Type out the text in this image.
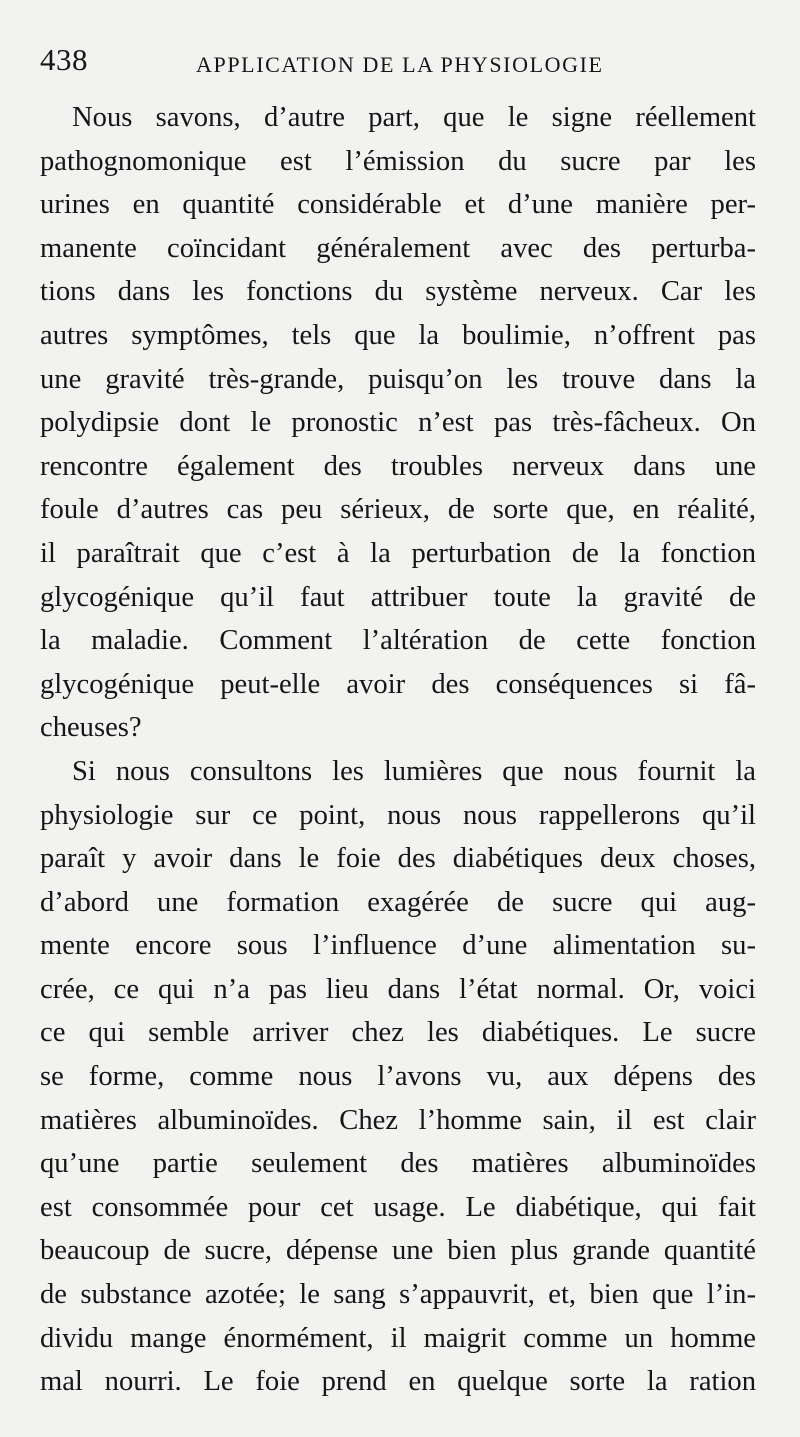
438	APPLICATION DE LA PHYSIOLOGIE
Nous savons, d’autre part, que le signe réellement
pathognomonique est l’émission du sucre par les
urines en quantité considérable et d’une manière per-
manente coïncidant généralement avec des perturba-
tions dans les fonctions du système nerveux. Car les
autres symptômes, tels que la boulimie, n’offrent pas
une gravité très-grande, puisqu’on les trouve dans la
polydipsie dont le pronostic n’est pas très-fâcheux. On
rencontre également des troubles nerveux dans une
foule d’autres cas peu sérieux, de sorte que, en réalité,
il paraîtrait que c’est à la perturbation de la fonction
glycogénique qu’il faut attribuer toute la gravité de
la maladie. Comment l’altération de cette fonction
glycogénique peut-elle avoir des conséquences si fâ-
cheuses?
Si nous consultons les lumières que nous fournit la
physiologie sur ce point, nous nous rappellerons qu’il
paraît y avoir dans le foie des diabétiques deux choses,
d’abord une formation exagérée de sucre qui aug-
mente encore sous l’influence d’une alimentation su-
crée, ce qui n’a pas lieu dans l’état normal. Or, voici
ce qui semble arriver chez les diabétiques. Le sucre
se forme, comme nous l’avons vu, aux dépens des
matières albuminoïdes. Chez l’homme sain, il est clair
qu’une partie seulement des matières albuminoïdes
est consommée pour cet usage. Le diabétique, qui fait
beaucoup de sucre, dépense une bien plus grande quantité
de substance azotée; le sang s’appauvrit, et, bien que l’in-
dividu mange énormément, il maigrit comme un homme
mal nourri. Le foie prend en quelque sorte la ration
